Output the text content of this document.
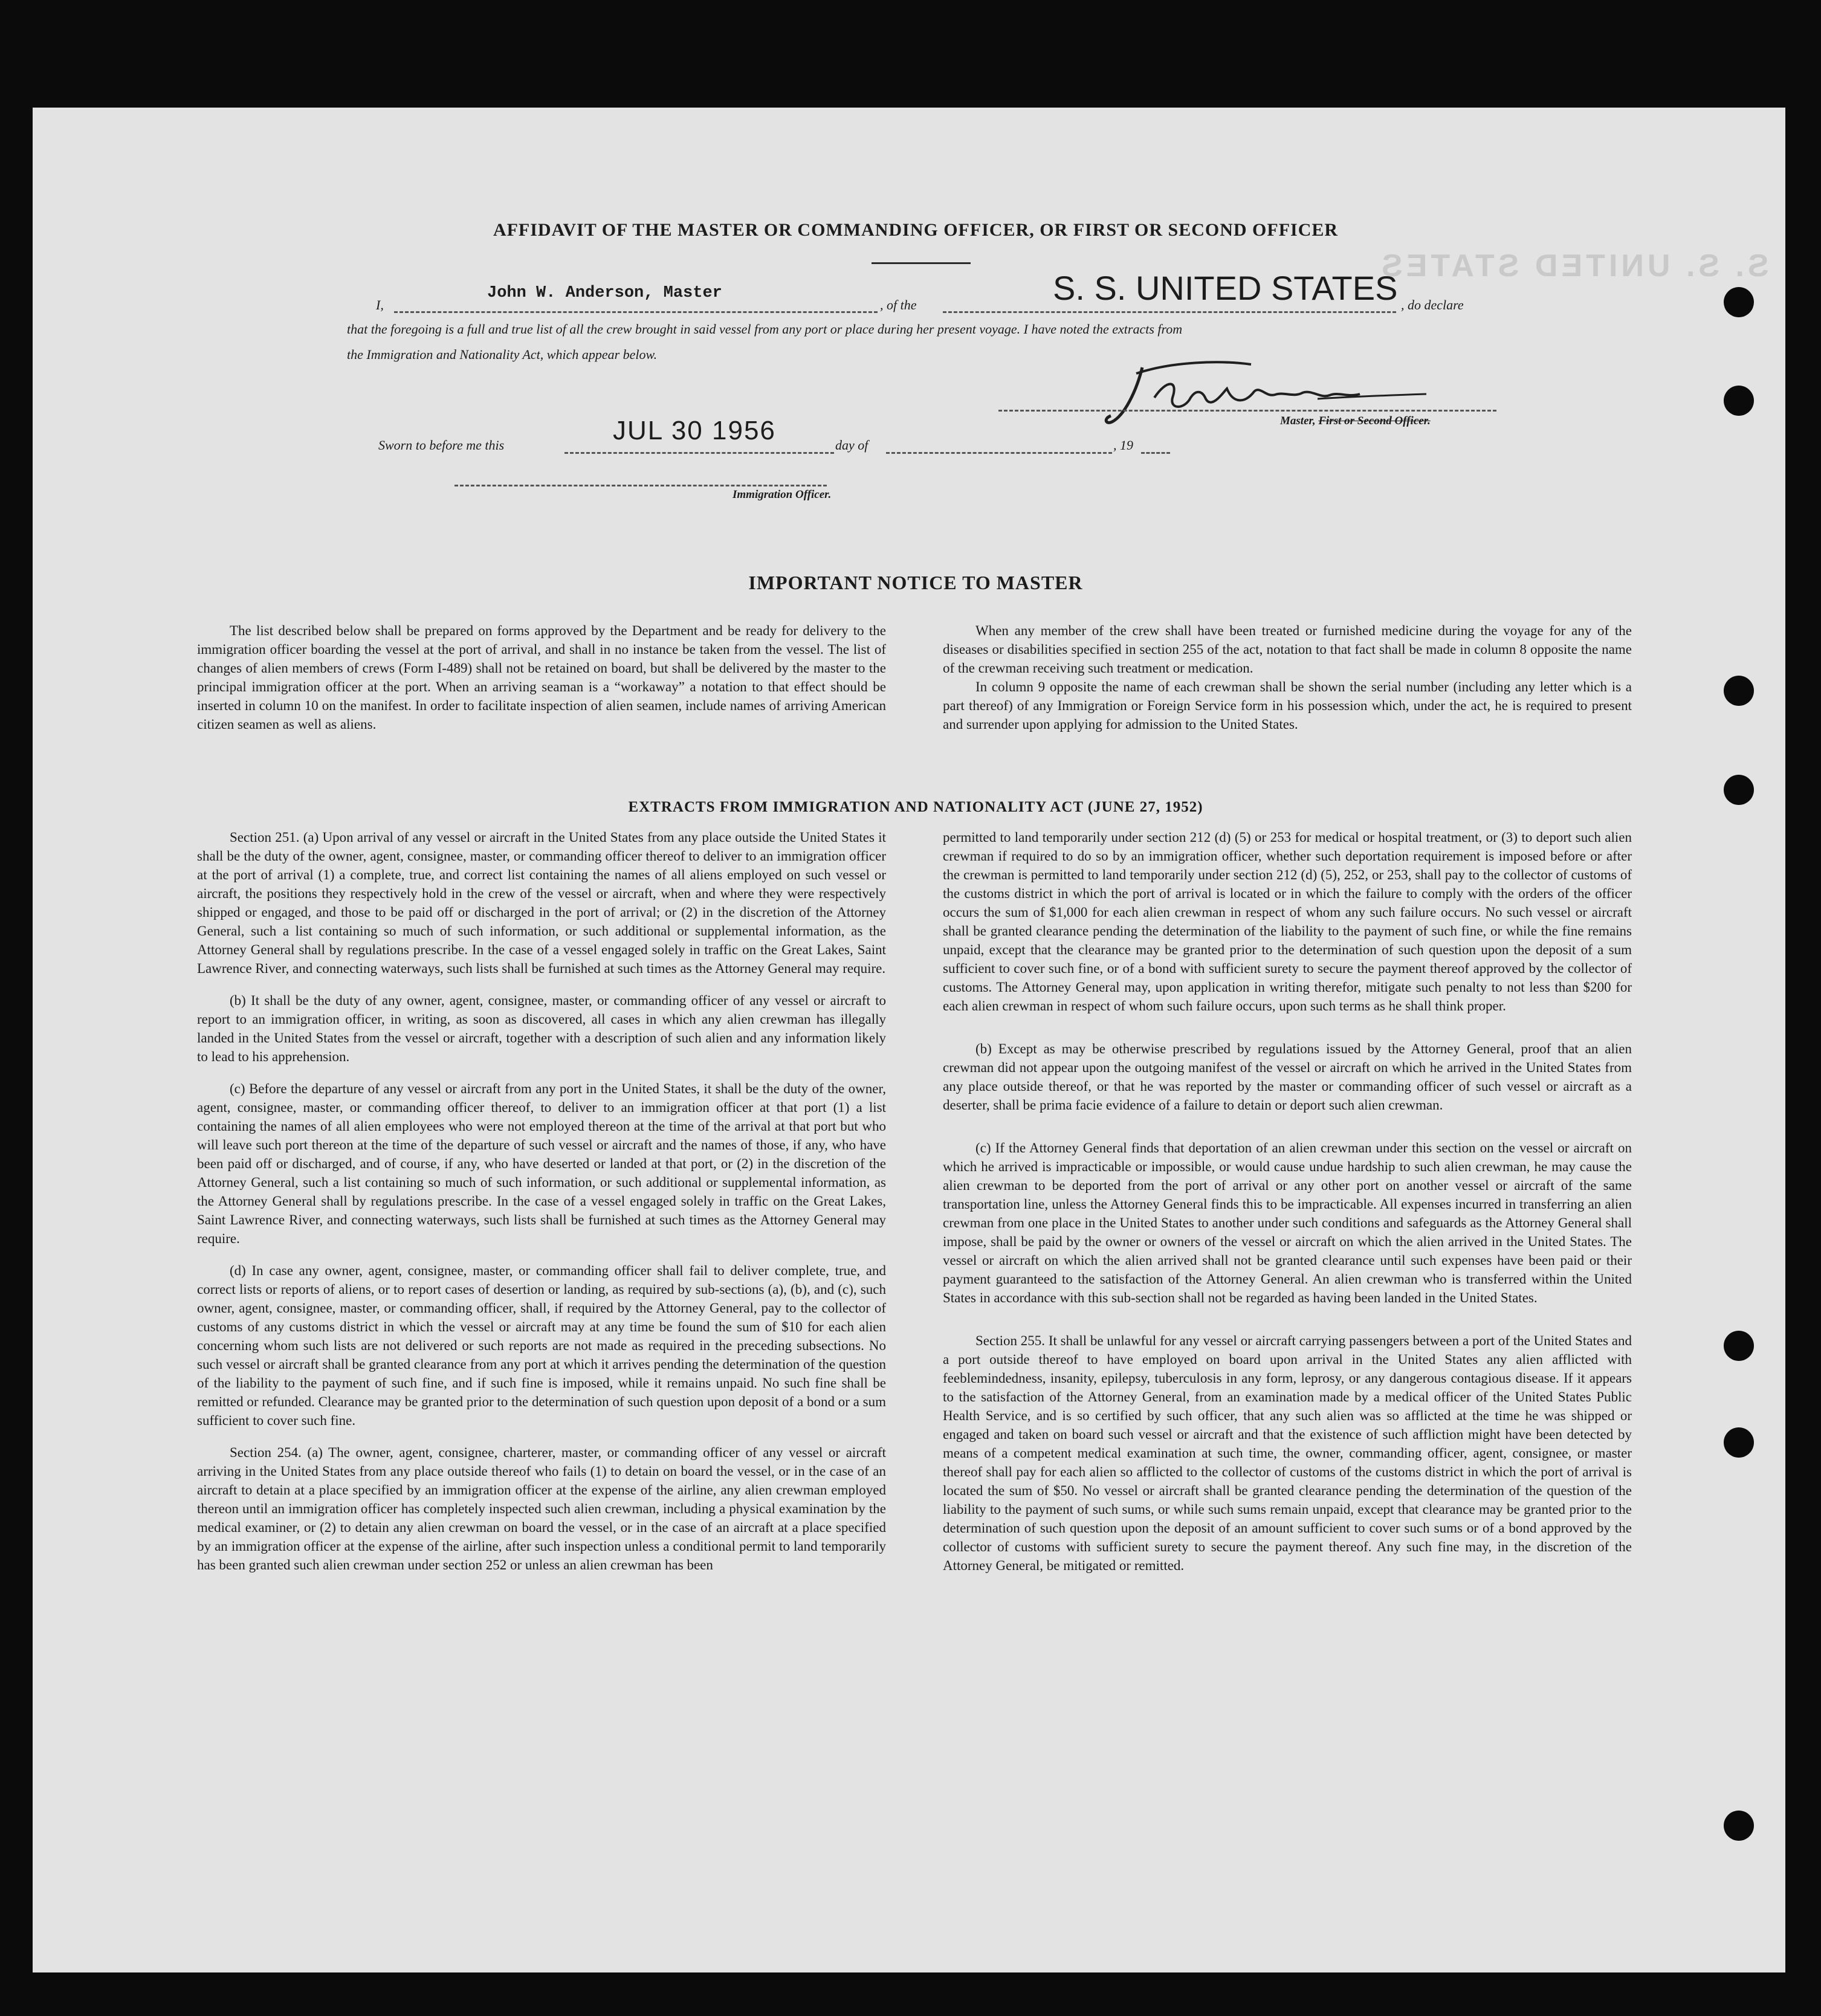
S. S. UNITED STATES
AFFIDAVIT OF THE MASTER OR COMMANDING OFFICER, OR FIRST OR SECOND OFFICER
I,
John W. Anderson, Master
, of the	S. S. UNITED STATES , do declare
that the foregoing is a full and true list of all the crew brought in said vessel from any port or place during her present voyage. I have noted the extracts from
the Immigration and Nationality Act, which appear below.
Master, First or Second Officer.
Sworn to before me this	JUL 30 1956	day of	, 19
Immigration Officer.
IMPORTANT NOTICE TO MASTER

The list described below shall be prepared on forms approved by the Department and be ready for delivery to the immigration officer boarding the vessel at the port of arrival, and shall in no instance be taken from the vessel. The list of changes of alien members of crews (Form I-489) shall not be retained on board, but shall be delivered by the master to the principal immigration officer at the port. When an arriving seaman is a “workaway” a notation to that effect should be inserted in column 10 on the manifest. In order to facilitate inspection of alien seamen, include names of arriving American citizen seamen as well as aliens.

When any member of the crew shall have been treated or furnished medicine during the voyage for any of the diseases or disabilities specified in section 255 of the act, notation to that fact shall be made in column 8 opposite the name of the crewman receiving such treatment or medication.

In column 9 opposite the name of each crewman shall be shown the serial number (including any letter which is a part thereof) of any Immigration or Foreign Service form in his possession which, under the act, he is required to present and surrender upon applying for admission to the United States.

EXTRACTS FROM IMMIGRATION AND NATIONALITY ACT (JUNE 27, 1952)

Section 251. (a) Upon arrival of any vessel or aircraft in the United States from any place outside the United States it shall be the duty of the owner, agent, consignee, master, or commanding officer thereof to deliver to an immigration officer at the port of arrival (1) a complete, true, and correct list containing the names of all aliens employed on such vessel or aircraft, the positions they respectively hold in the crew of the vessel or aircraft, when and where they were respectively shipped or engaged, and those to be paid off or discharged in the port of arrival; or (2) in the discretion of the Attorney General, such a list containing so much of such information, or such additional or supplemental information, as the Attorney General shall by regulations prescribe. In the case of a vessel engaged solely in traffic on the Great Lakes, Saint Lawrence River, and connecting waterways, such lists shall be furnished at such times as the Attorney General may require.

(b) It shall be the duty of any owner, agent, consignee, master, or commanding officer of any vessel or aircraft to report to an immigration officer, in writing, as soon as discovered, all cases in which any alien crewman has illegally landed in the United States from the vessel or aircraft, together with a description of such alien and any information likely to lead to his apprehension.

(c) Before the departure of any vessel or aircraft from any port in the United States, it shall be the duty of the owner, agent, consignee, master, or commanding officer thereof, to deliver to an immigration officer at that port (1) a list containing the names of all alien employees who were not employed thereon at the time of the arrival at that port but who will leave such port thereon at the time of the departure of such vessel or aircraft and the names of those, if any, who have been paid off or discharged, and of course, if any, who have deserted or landed at that port, or (2) in the discretion of the Attorney General, such a list containing so much of such information, or such additional or supplemental information, as the Attorney General shall by regulations prescribe. In the case of a vessel engaged solely in traffic on the Great Lakes, Saint Lawrence River, and connecting waterways, such lists shall be furnished at such times as the Attorney General may require.

(d) In case any owner, agent, consignee, master, or commanding officer shall fail to deliver complete, true, and correct lists or reports of aliens, or to report cases of desertion or landing, as required by sub-sections (a), (b), and (c), such owner, agent, consignee, master, or commanding officer, shall, if required by the Attorney General, pay to the collector of customs of any customs district in which the vessel or aircraft may at any time be found the sum of $10 for each alien concerning whom such lists are not delivered or such reports are not made as required in the preceding subsections. No such vessel or aircraft shall be granted clearance from any port at which it arrives pending the determination of the question of the liability to the payment of such fine, and if such fine is imposed, while it remains unpaid. No such fine shall be remitted or refunded. Clearance may be granted prior to the determination of such question upon deposit of a bond or a sum sufficient to cover such fine.

Section 254. (a) The owner, agent, consignee, charterer, master, or commanding officer of any vessel or aircraft arriving in the United States from any place outside thereof who fails (1) to detain on board the vessel, or in the case of an aircraft to detain at a place specified by an immigration officer at the expense of the airline, any alien crewman employed thereon until an immigration officer has completely inspected such alien crewman, including a physical examination by the medical examiner, or (2) to detain any alien crewman on board the vessel, or in the case of an aircraft at a place specified by an immigration officer at the expense of the airline, after such inspection unless a conditional permit to land temporarily has been granted such alien crewman under section 252 or unless an alien crewman has been

permitted to land temporarily under section 212 (d) (5) or 253 for medical or hospital treatment, or (3) to deport such alien crewman if required to do so by an immigration officer, whether such deportation requirement is imposed before or after the crewman is permitted to land temporarily under section 212 (d) (5), 252, or 253, shall pay to the collector of customs of the customs district in which the port of arrival is located or in which the failure to comply with the orders of the officer occurs the sum of $1,000 for each alien crewman in respect of whom any such failure occurs. No such vessel or aircraft shall be granted clearance pending the determination of the liability to the payment of such fine, or while the fine remains unpaid, except that the clearance may be granted prior to the determination of such question upon the deposit of a sum sufficient to cover such fine, or of a bond with sufficient surety to secure the payment thereof approved by the collector of customs. The Attorney General may, upon application in writing therefor, mitigate such penalty to not less than $200 for each alien crewman in respect of whom such failure occurs, upon such terms as he shall think proper.

(b) Except as may be otherwise prescribed by regulations issued by the Attorney General, proof that an alien crewman did not appear upon the outgoing manifest of the vessel or aircraft on which he arrived in the United States from any place outside thereof, or that he was reported by the master or commanding officer of such vessel or aircraft as a deserter, shall be prima facie evidence of a failure to detain or deport such alien crewman.

(c) If the Attorney General finds that deportation of an alien crewman under this section on the vessel or aircraft on which he arrived is impracticable or impossible, or would cause undue hardship to such alien crewman, he may cause the alien crewman to be deported from the port of arrival or any other port on another vessel or aircraft of the same transportation line, unless the Attorney General finds this to be impracticable. All expenses incurred in transferring an alien crewman from one place in the United States to another under such conditions and safeguards as the Attorney General shall impose, shall be paid by the owner or owners of the vessel or aircraft on which the alien arrived in the United States. The vessel or aircraft on which the alien arrived shall not be granted clearance until such expenses have been paid or their payment guaranteed to the satisfaction of the Attorney General. An alien crewman who is transferred within the United States in accordance with this sub-section shall not be regarded as having been landed in the United States.

Section 255. It shall be unlawful for any vessel or aircraft carrying passengers between a port of the United States and a port outside thereof to have employed on board upon arrival in the United States any alien afflicted with feeblemindedness, insanity, epilepsy, tuberculosis in any form, leprosy, or any dangerous contagious disease. If it appears to the satisfaction of the Attorney General, from an examination made by a medical officer of the United States Public Health Service, and is so certified by such officer, that any such alien was so afflicted at the time he was shipped or engaged and taken on board such vessel or aircraft and that the existence of such affliction might have been detected by means of a competent medical examination at such time, the owner, commanding officer, agent, consignee, or master thereof shall pay for each alien so afflicted to the collector of customs of the customs district in which the port of arrival is located the sum of $50. No vessel or aircraft shall be granted clearance pending the determination of the question of the liability to the payment of such sums, or while such sums remain unpaid, except that clearance may be granted prior to the determination of such question upon the deposit of an amount sufficient to cover such sums or of a bond approved by the collector of customs with sufficient surety to secure the payment thereof. Any such fine may, in the discretion of the Attorney General, be mitigated or remitted.
